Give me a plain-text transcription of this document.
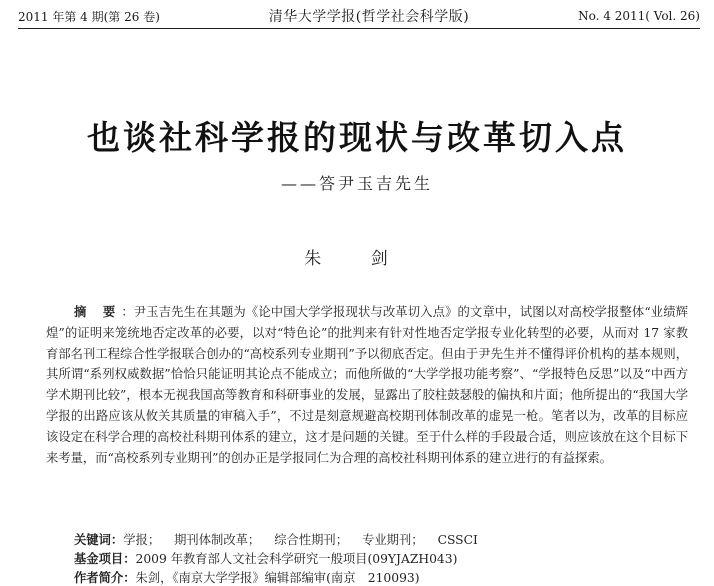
2011 年第 4 期(第 26 卷)	清华大学学报(哲学社会科学版)	No. 4 2011( Vol. 26)
也谈社科学报的现状与改革切入点
——答尹玉吉先生
朱 剑
摘 要：尹玉吉先生在其题为《论中国大学学报现状与改革切入点》的文章中，试图以对高校学报整体“业绩辉煌”的证明来笼统地否定改革的必要，以对“特色论”的批判来有针对性地否定学报专业化转型的必要，从而对 17 家教育部名刊工程综合性学报联合创办的“高校系列专业期刊”予以彻底否定。但由于尹先生并不懂得评价机构的基本规则，其所谓“系列权威数据”恰恰只能证明其论点不能成立；而他所做的“大学学报功能考察”、“学报特色反思”以及“中西方学术期刊比较”，根本无视我国高等教育和科研事业的发展，显露出了胶柱鼓瑟般的偏执和片面；他所提出的“我国大学学报的出路应该从攸关其质量的审稿入手”，不过是刻意规避高校期刊体制改革的虚晃一枪。笔者以为，改革的目标应该设定在科学合理的高校社科期刊体系的建立，这才是问题的关键。至于什么样的手段最合适，则应该放在这个目标下来考量，而“高校系列专业期刊”的创办正是学报同仁为合理的高校社科期刊体系的建立进行的有益探索。
关键词：学报； 期刊体制改革； 综合性期刊； 专业期刊； CSSCI
基金项目：2009 年教育部人文社会科学研究一般项目(09YJAZH043)
作者简介：朱剑，《南京大学学报》编辑部编审(南京　210093)
